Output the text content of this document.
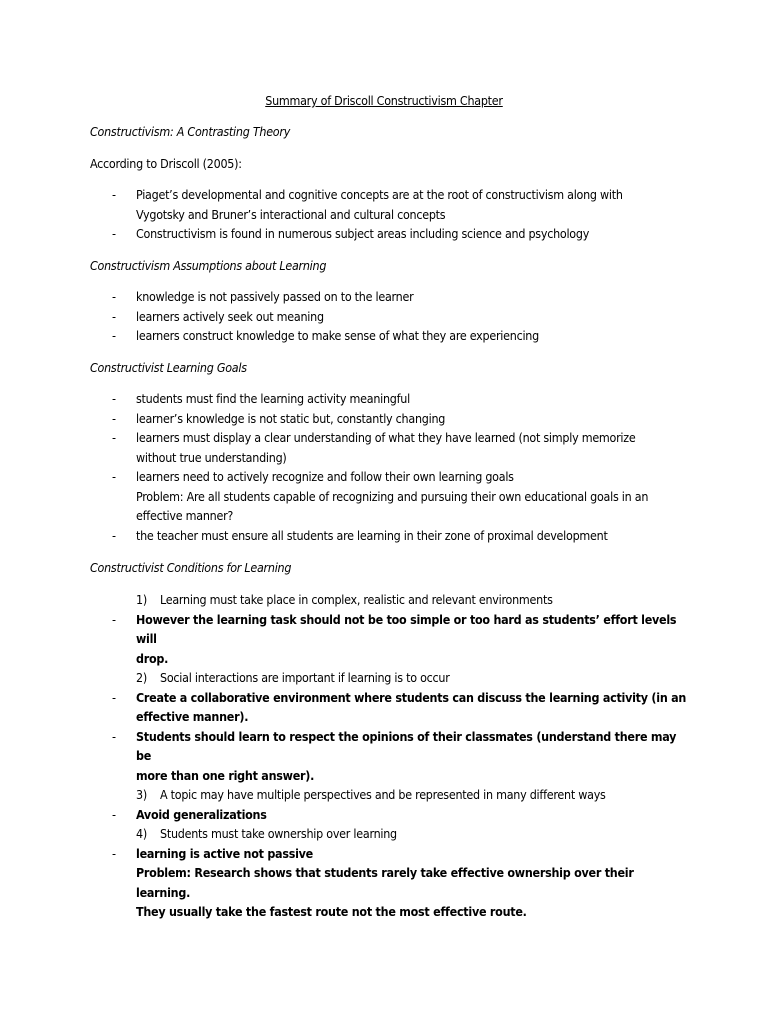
Summary of Driscoll Constructivism Chapter
Constructivism: A Contrasting Theory
According to Driscoll (2005):
- Piaget’s developmental and cognitive concepts are at the root of constructivism along with
Vygotsky and Bruner’s interactional and cultural concepts
- Constructivism is found in numerous subject areas including science and psychology
Constructivism Assumptions about Learning
- knowledge is not passively passed on to the learner
- learners actively seek out meaning
- learners construct knowledge to make sense of what they are experiencing
Constructivist Learning Goals
- students must find the learning activity meaningful
- learner’s knowledge is not static but, constantly changing
- learners must display a clear understanding of what they have learned (not simply memorize
without true understanding)
- learners need to actively recognize and follow their own learning goals
Problem: Are all students capable of recognizing and pursuing their own educational goals in an
effective manner?
- the teacher must ensure all students are learning in their zone of proximal development
Constructivist Conditions for Learning
1) Learning must take place in complex, realistic and relevant environments
- However the learning task should not be too simple or too hard as students’ effort levels will
drop.
2) Social interactions are important if learning is to occur
- Create a collaborative environment where students can discuss the learning activity (in an
effective manner).
- Students should learn to respect the opinions of their classmates (understand there may be
more than one right answer).
3) A topic may have multiple perspectives and be represented in many different ways
- Avoid generalizations
4) Students must take ownership over learning
- learning is active not passive
Problem: Research shows that students rarely take effective ownership over their learning.
They usually take the fastest route not the most effective route.
